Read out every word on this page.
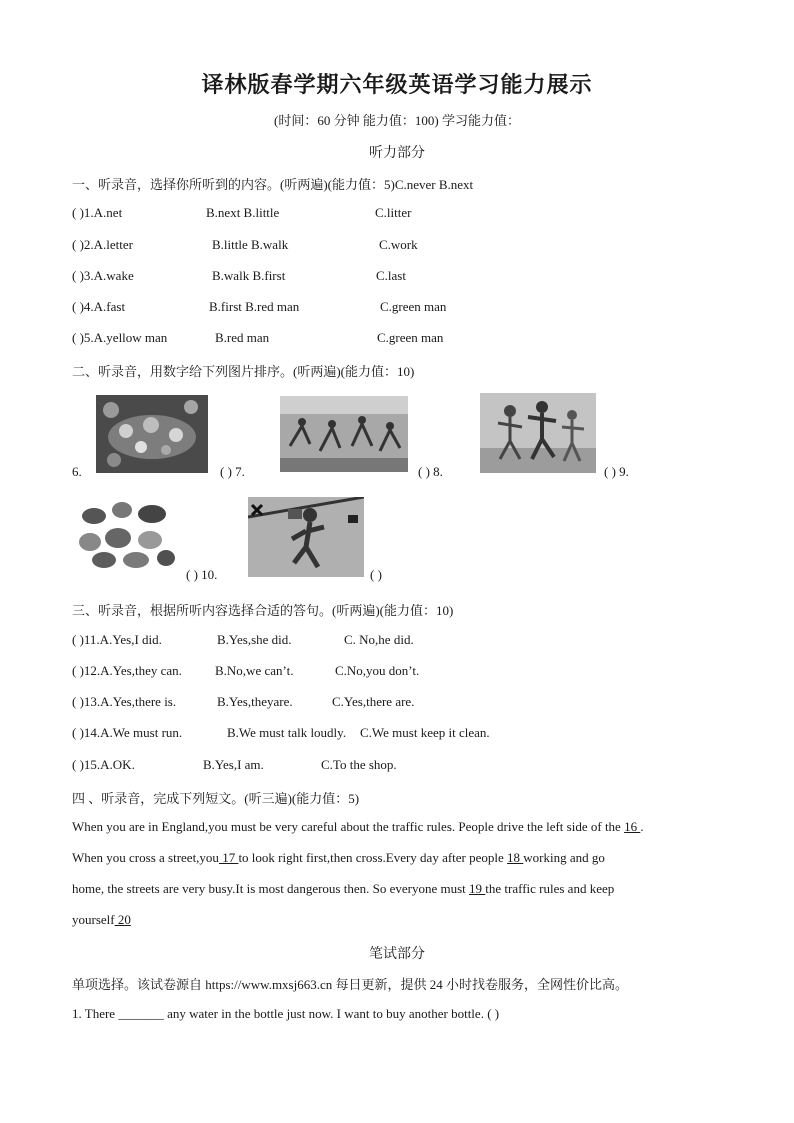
译林版春学期六年级英语学习能力展示
(时间：60 分钟 能力值：100) 学习能力值：
听力部分
一、听录音，选择你所听到的内容。(听两遍)(能力值：5)C.never B.next
( )1.A.net	B.next B.little	C.litter
( )2.A.letter	B.little B.walk	C.work
( )3.A.wake	B.walk B.first	C.last
( )4.A.fast	B.first B.red man	C.green man
( )5.A.yellow man	B.red man	C.green man
二、听录音，用数字给下列图片排序。(听两遍)(能力值：10)
6.	( ) 7.	( ) 8.	( ) 9.
( ) 10.	( )
三、听录音，根据所听内容选择合适的答句。(听两遍)(能力值：10)
( )11.A.Yes,I did.	B.Yes,she did.	C. No,he did.
( )12.A.Yes,they can.	B.No,we can’t.	C.No,you don’t.
( )13.A.Yes,there is.	B.Yes,theyare.	C.Yes,there are.
( )14.A.We must run.	B.We must talk loudly. C.We must keep it clean.
( )15.A.OK.	B.Yes,I am.	C.To the shop.
四 、听录音，完成下列短文。(听三遍)(能力值：5)
When you are in England,you must be very careful about the traffic rules. People drive the left side of the 16 .
When you cross a street,you 17 to look right first,then cross.Every day after people 18 working and go
home, the streets are very busy.It is most dangerous then. So everyone must 19 the traffic rules and keep
yourself 20
笔试部分
单项选择。该试卷源自 https://www.mxsj663.cn 每日更新，提供 24 小时找卷服务，全网性价比高。
1. There _______ any water in the bottle just now. I want to buy another bottle. ( )
